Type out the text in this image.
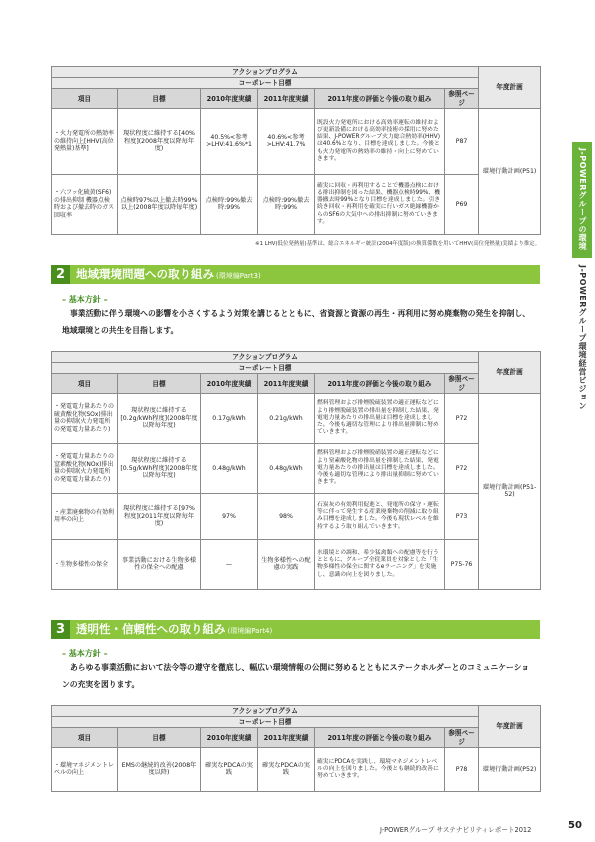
アクションプログラム						年度計画
コーポレート目標						
項目	目標	2010年度実績	2011年度実績	2011年度の評価と今後の取り組み	参照ページ	
・火力発電所の熱効率の維持向上[HHV(高位発熱量)基準]	現状程度に維持する[40%程度](2008年度以降毎年度)	40.5%<参考>LHV:41.6%*1	40.6%<参考>LHV:41.7%	既設火力発電所における高効率運転の維持および更新設備における高効率技術の採用に努めた結果、J-POWERグループ火力総合熱効率(HHV)は40.6%となり、目標を達成しました。今後とも火力発電所の熱効率の維持・向上に努めていきます。	P87	環境行動計画(P51)
・六フッ化硫黄(SF6)の排出抑制 機器点検時および撤去時のガス回収率	点検時97%以上撤去時99%以上(2008年度以降毎年度)	点検時:99%撤去時:99%	点検時:99%撤去時:99%	確実に回収・再利用することで機器点検における排出抑制を図った結果、機器点検時99%、機器撤去時99%となり目標を達成しました。引き続き回収・再利用を確実に行いガス絶縁機器からのSF6の大気中への排出抑制に努めていきます。	P69	
※1 LHV(低位発熱量)基準は、総合エネルギー統計(2004年度版)の換算係数を用いてHHV(高位発熱量)実績より推定。
2 地域環境問題への取り組み (環境編Part3)
– 基本方針 –
事業活動に伴う環境への影響を小さくするよう対策を講じるとともに、省資源と資源の再生・再利用に努め廃棄物の発生を抑制し、地域環境との共生を目指します。
アクションプログラム						年度計画
コーポレート目標						
項目	目標	2010年度実績	2011年度実績	2011年度の評価と今後の取り組み	参照ページ	
・発電電力量あたりの硫黄酸化物(SOx)排出量の抑制(火力発電所の発電電力量あたり)	現状程度に維持する[0.2g/kWh程度](2008年度以降毎年度)	0.17g/kWh	0.21g/kWh	燃料管理および排煙脱硫装置の適正運転などにより排煙脱硫装置の排出量を抑制した結果、発電電力量あたりの排出量は目標を達成しました。今後も適切な管理により排出量抑制に努めていきます。	P72	環境行動計画(P51-52)
・発電電力量あたりの窒素酸化物(NOx)排出量の抑制(火力発電所の発電電力量あたり)	現状程度に維持する[0.5g/kWh程度](2008年度以降毎年度)	0.48g/kWh	0.48g/kWh	燃料管理および排煙脱硝装置の適正運転などにより窒素酸化物の排出量を抑制した結果、発電電力量あたりの排出量は目標を達成しました。今後も適切な管理により排出量抑制に努めていきます。	P72	
・産業廃棄物の有効利用率の向上	現状程度に維持する[97%程度](2011年度以降毎年度)	97%	98%	石炭灰の有効利用促進と、発電所の保守・運転等に伴って発生する産業廃棄物の削減に取り組み目標を達成しました。今後も現状レベルを維持するよう取り組んでいきます。	P73	
・生物多様性の保全	事業活動における生物多様性の保全への配慮	—	生物多様性への配慮の実践	水環境との調和、希少猛禽類への配慮等を行うとともに、グループ全従業員を対象とした「生物多様性の保全に関するeラーニング」を実施し、意識の向上を図りました。	P75-76	
3 透明性・信頼性への取り組み (環境編Part4)
– 基本方針 –
あらゆる事業活動において法令等の遵守を徹底し、幅広い環境情報の公開に努めるとともにステークホルダーとのコミュニケーションの充実を図ります。
アクションプログラム						年度計画
コーポレート目標						
項目	目標	2010年度実績	2011年度実績	2011年度の評価と今後の取り組み	参照ページ	
・環境マネジメントレベルの向上	EMSの継続的改善(2008年度以降)	確実なPDCAの実践	確実なPDCAの実践	確実にPDCAを実践し、環境マネジメントレベルの向上を図りました。今後とも継続的改善に努めていきます。	P78	環境行動計画(P52)
J-POWERグループの環境経営
J-POWERグループ環境経営ビジョン
J-POWERグループ サステナビリティレポート2012	50
